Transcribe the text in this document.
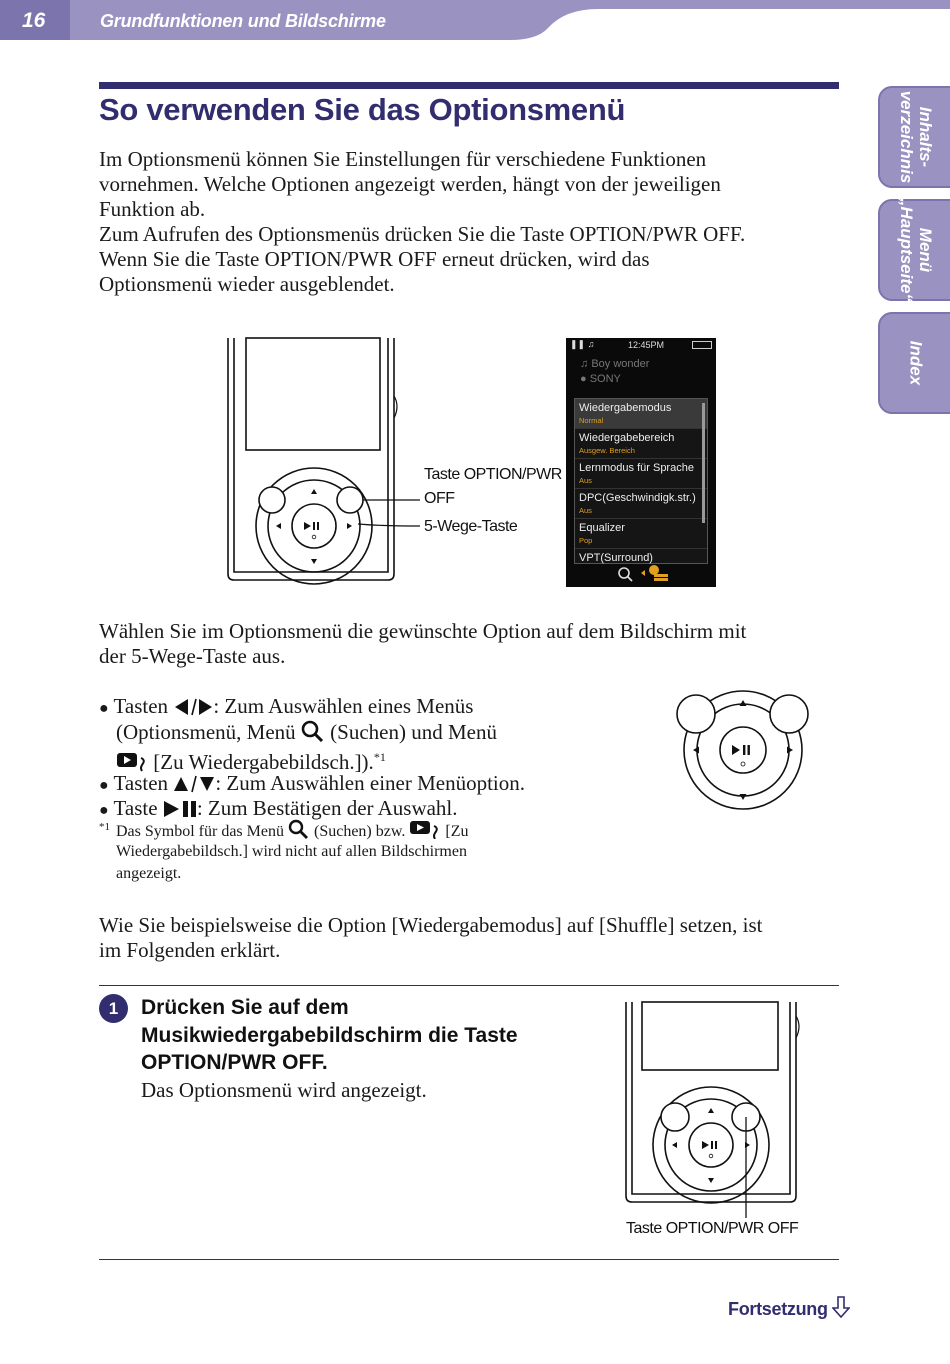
16	Grundfunktionen und Bildschirme
Inhalts-
verzeichnis
Menü
„Hauptseite“
Index
So verwenden Sie das Optionsmenü

Im Optionsmenü können Sie Einstellungen für verschiedene Funktionen

vornehmen. Welche Optionen angezeigt werden, hängt von der jeweiligen

Funktion ab.

Zum Aufrufen des Optionsmenüs drücken Sie die Taste OPTION/PWR OFF.

Wenn Sie die Taste OPTION/PWR OFF erneut drücken, wird das

Optionsmenü wieder ausgeblendet.

Taste OPTION/PWR
OFF
5-Wege-Taste
❚❚ ♫	12:45PM
♫ Boy wonder
● SONY
Wiedergabemodus
Normal
Wiedergabebereich
Ausgew. Bereich
Lernmodus für Sprache
Aus
DPC(Geschwindigk.str.)
Aus
Equalizer
Pop
VPT(Surround)

Wählen Sie im Optionsmenü die gewünschte Option auf dem Bildschirm mit

der 5-Wege-Taste aus.

● Tasten : Zum Auswählen eines Menüs
(Optionsmenü, Menü  (Suchen) und Menü
[Zu Wiedergabebildsch.]).$^{*1}$
● Tasten : Zum Auswählen einer Menüoption.
● Taste : Zum Bestätigen der Auswahl.
*1 Das Symbol für das Menü  (Suchen) bzw.  [Zu
Wiedergabebildsch.] wird nicht auf allen Bildschirmen
angezeigt.

Wie Sie beispielsweise die Option [Wiedergabemodus] auf [Shuffle] setzen, ist

im Folgenden erklärt.

1	Drücken Sie auf dem
Musikwiedergabebildschirm die Taste
OPTION/PWR OFF.

Das Optionsmenü wird angezeigt.

Taste OPTION/PWR OFF
Fortsetzung
